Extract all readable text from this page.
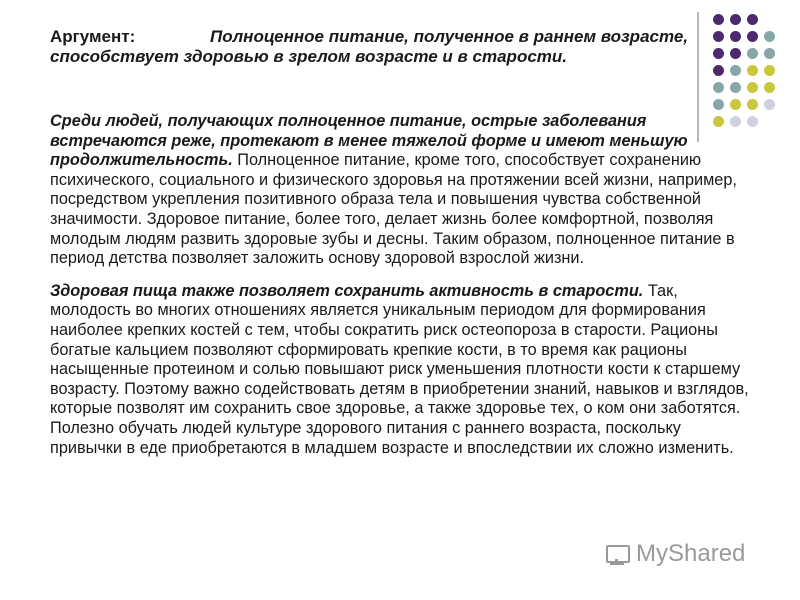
Аргумент:	Полноценное питание, полученное в раннем возрасте, способствует здоровью в зрелом возрасте и в старости.

Среди людей, получающих полноценное питание, острые заболевания встречаются реже, протекают в менее тяжелой форме и имеют меньшую продолжительность. Полноценное питание, кроме того, способствует сохранению психического, социального и физического здоровья на протяжении всей жизни, например, посредством укрепления позитивного образа тела и повышения чувства собственной значимости. Здоровое питание, более того, делает жизнь более комфортной, позволяя молодым людям развить здоровые зубы и десны. Таким образом, полноценное питание в период детства позволяет заложить основу здоровой взрослой жизни.

Здоровая пища также позволяет сохранить активность в старости. Так, молодость во многих отношениях является уникальным периодом для формирования наиболее крепких костей с тем, чтобы сократить риск остеопороза в старости. Рационы богатые кальцием позволяют сформировать крепкие кости, в то время как рационы насыщенные протеином и солью повышают риск уменьшения плотности кости к старшему возрасту. Поэтому важно содействовать детям в приобретении знаний, навыков и взглядов, которые позволят им сохранить свое здоровье, а также здоровье тех, о ком они заботятся. Полезно обучать людей культуре здорового питания с раннего возраста, поскольку привычки в еде приобретаются в младшем возрасте и впоследствии их сложно изменить.

MyShared
